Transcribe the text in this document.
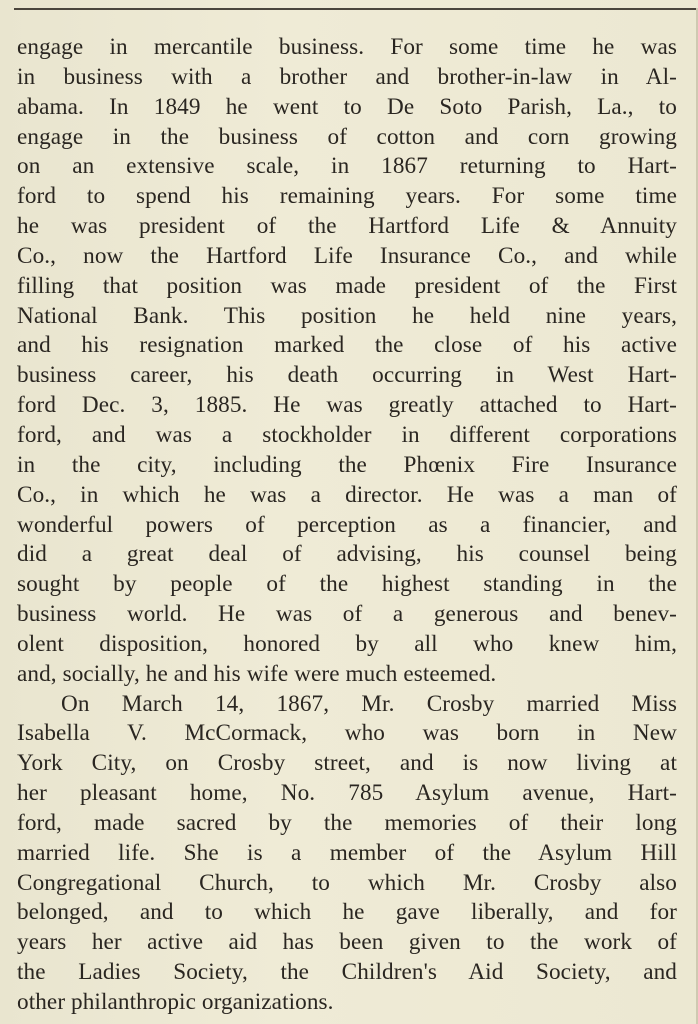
engage in mercantile business. For some time he was
in business with a brother and brother-in-law in Al-
abama. In 1849 he went to De Soto Parish, La., to
engage in the business of cotton and corn growing
on an extensive scale, in 1867 returning to Hart-
ford to spend his remaining years. For some time
he was president of the Hartford Life & Annuity
Co., now the Hartford Life Insurance Co., and while
filling that position was made president of the First
National Bank. This position he held nine years,
and his resignation marked the close of his active
business career, his death occurring in West Hart-
ford Dec. 3, 1885. He was greatly attached to Hart-
ford, and was a stockholder in different corporations
in the city, including the Phœnix Fire Insurance
Co., in which he was a director. He was a man of
wonderful powers of perception as a financier, and
did a great deal of advising, his counsel being
sought by people of the highest standing in the
business world. He was of a generous and benev-
olent disposition, honored by all who knew him,
and, socially, he and his wife were much esteemed.
On March 14, 1867, Mr. Crosby married Miss
Isabella V. McCormack, who was born in New
York City, on Crosby street, and is now living at
her pleasant home, No. 785 Asylum avenue, Hart-
ford, made sacred by the memories of their long
married life. She is a member of the Asylum Hill
Congregational Church, to which Mr. Crosby also
belonged, and to which he gave liberally, and for
years her active aid has been given to the work of
the Ladies Society, the Children's Aid Society, and
other philanthropic organizations.
